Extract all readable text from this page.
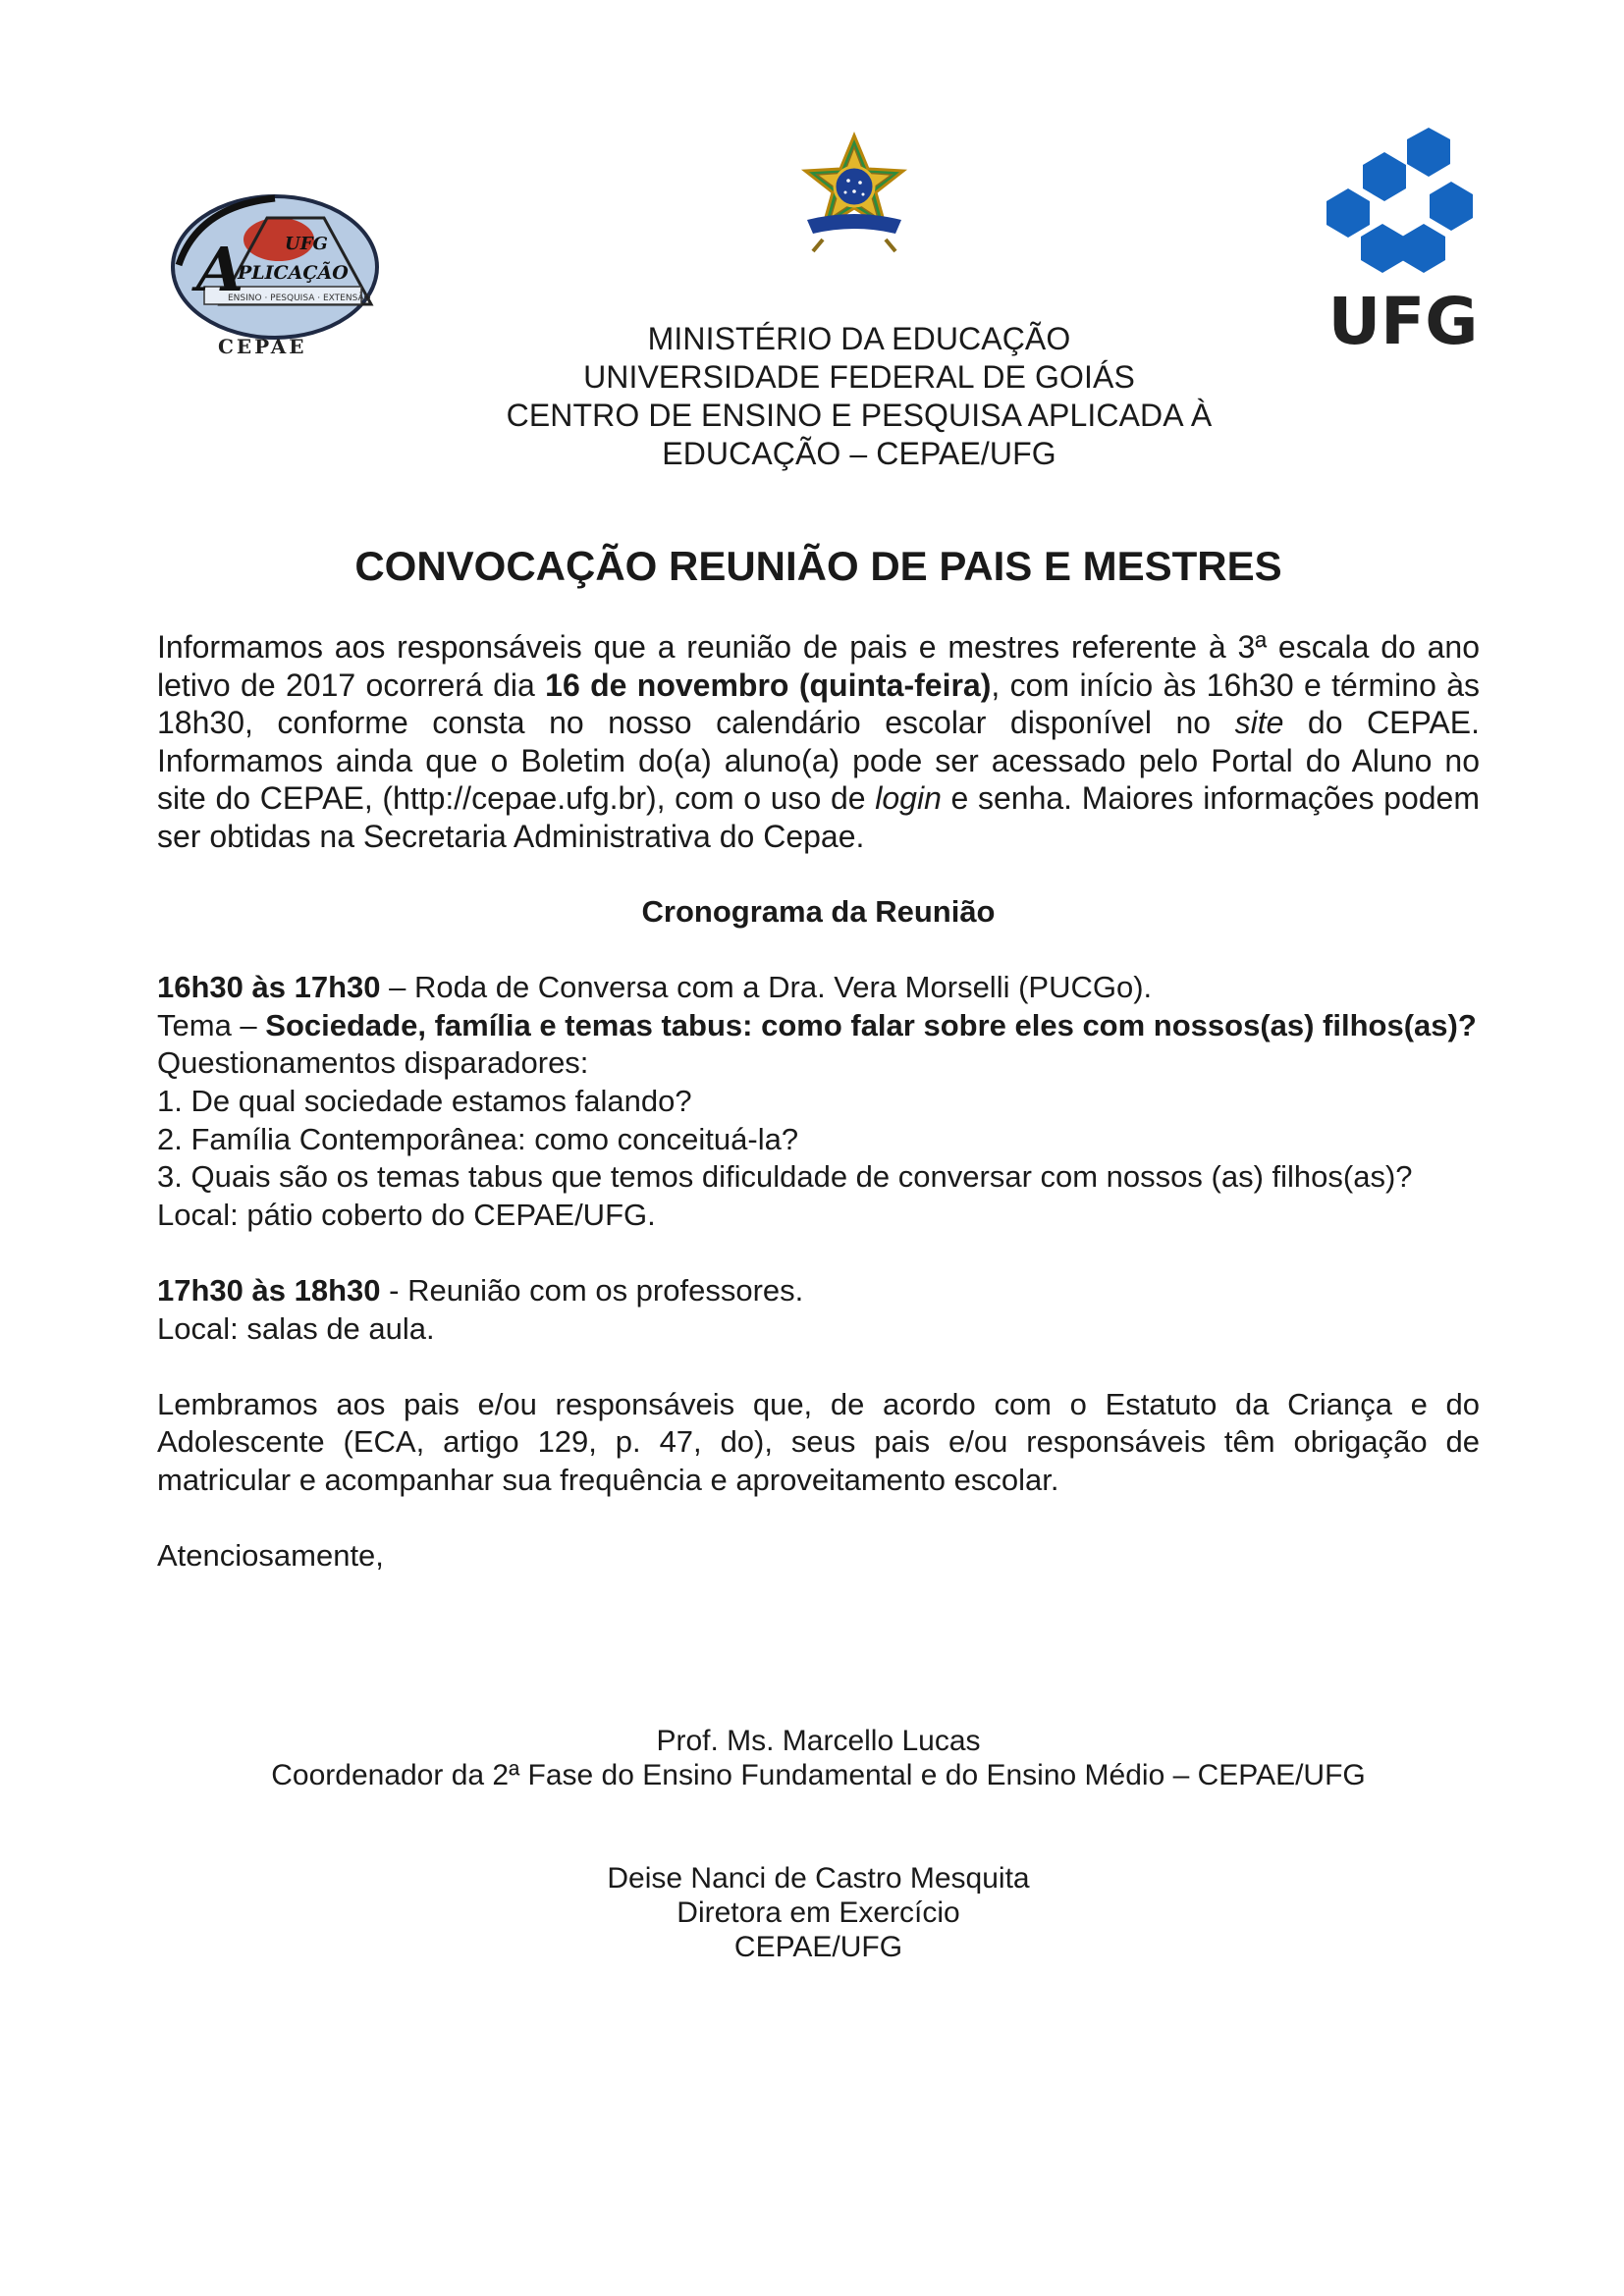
UFG
A
PLICAÇÃO
ENSINO · PESQUISA · EXTENSÃO
CEPAE	UFG
MINISTÉRIO DA EDUCAÇÃO
UNIVERSIDADE FEDERAL DE GOIÁS
CENTRO DE ENSINO E PESQUISA APLICADA À
EDUCAÇÃO – CEPAE/UFG
CONVOCAÇÃO REUNIÃO DE PAIS E MESTRES

Informamos aos responsáveis que a reunião de pais e mestres referente à 3ª escala do ano letivo de 2017 ocorrerá dia 16 de novembro (quinta-feira), com início às 16h30 e término às 18h30, conforme consta no nosso calendário escolar disponível no site do CEPAE. Informamos ainda que o Boletim do(a) aluno(a) pode ser acessado pelo Portal do Aluno no site do CEPAE, (http://cepae.ufg.br), com o uso de login e senha. Maiores informações podem ser obtidas na Secretaria Administrativa do Cepae.

Cronograma da Reunião

16h30 às 17h30 – Roda de Conversa com a Dra. Vera Morselli (PUCGo).

Tema – Sociedade, família e temas tabus: como falar sobre eles com nossos(as) filhos(as)?

Questionamentos disparadores:

1. De qual sociedade estamos falando?

2. Família Contemporânea: como conceituá-la?

3. Quais são os temas tabus que temos dificuldade de conversar com nossos (as) filhos(as)?

Local: pátio coberto do CEPAE/UFG.

17h30 às 18h30 - Reunião com os professores.

Local: salas de aula.

Lembramos aos pais e/ou responsáveis que, de acordo com o Estatuto da Criança e do Adolescente (ECA, artigo 129, p. 47, do), seus pais e/ou responsáveis têm obrigação de matricular e acompanhar sua frequência e aproveitamento escolar.

Atenciosamente,

Prof. Ms. Marcello Lucas

Coordenador da 2ª Fase do Ensino Fundamental e do Ensino Médio – CEPAE/UFG

Deise Nanci de Castro Mesquita

Diretora em Exercício

CEPAE/UFG
